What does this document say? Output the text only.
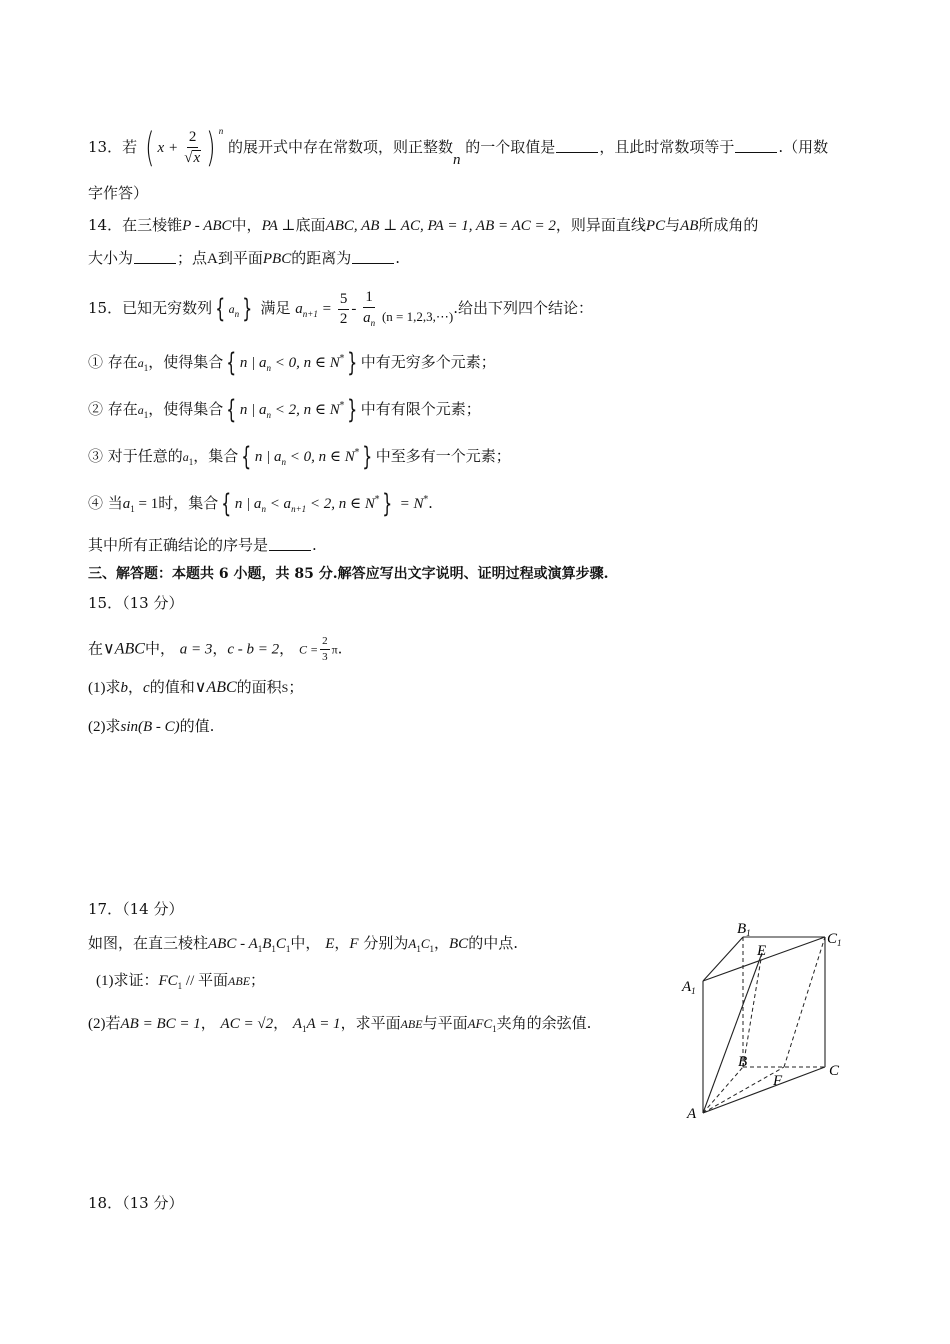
13．若 ( $x + \frac{2}{√x}$ ) $^n$ 的展开式中存在常数项，则正整数n 的一个取值是	，且此时常数项等于	.（用数
字作答）
14．在三棱锥P - ABC中，PA ⊥底面ABC, AB ⊥ AC, PA = 1, AB = AC = 2，则异面直线PC与AB所成角的
大小为	；点A到平面PBC的距离为	.
15．已知无穷数列 { $a_n$ } 满足 $a_{n+1} = \frac{5}{2} - \frac{1}{a_n} (n$ = 1,2,3,⋯).给出下列四个结论：
① 存在$a_1$，使得集合 { n | $a_n < 0$, n ∈ N* } 中有无穷多个元素；
② 存在$a_1$，使得集合 { n | $a_n < 2$, n ∈ N* } 中有有限个元素；
③ 对于任意的$a_1$，集合 { n | $a_n < 0$, n ∈ N* } 中至多有一个元素；
④ 当$a_1 = 1$时，集合 { n | $a_n < a_{n+1} < 2$, n ∈ N* } = N*.
其中所有正确结论的序号是	.
三、解答题：本题共 6 小题，共 85 分.解答应写出文字说明、证明过程或演算步骤.
15．（13 分）
在∨ABC中， a = 3，c - b = 2， $C = \frac{2}{3} \pi$.
(1)求b，c的值和∨ABC的面积S；
(2)求sin(B - C)的值.
17．（14 分）
如图，在直三棱柱ABC - $A_1B_1C_1$中， E，F 分别为$A_1C_1$，BC的中点.
(1)求证：$FC_1$ // 平面ABE；
(2)若AB = BC = 1， AC = √2， $A_1A = 1$，求平面ABE与平面$AFC_1$夹角的余弦值.
$B_1$	$C_1$
$A_1$
E
B
C
F
A
18．（13 分）
